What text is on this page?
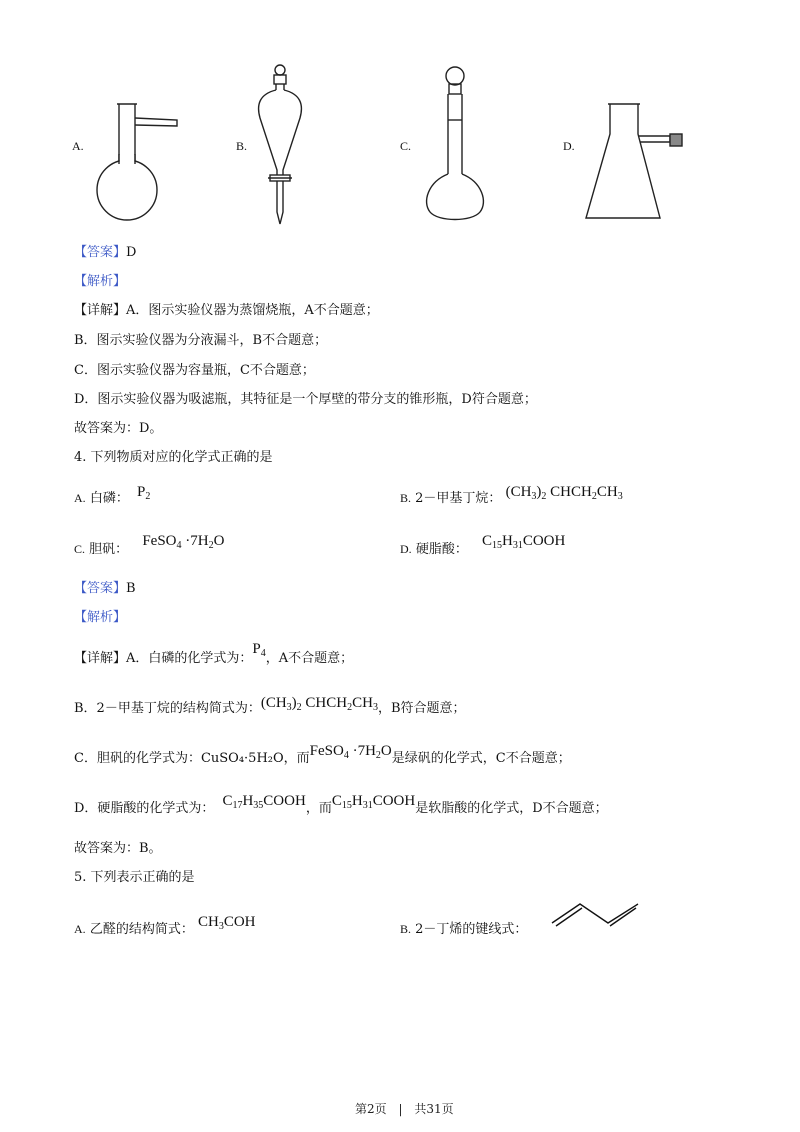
A.	B.	C.	D.
【答案】D
【解析】
【详解】A．图示实验仪器为蒸馏烧瓶，A不合题意；
B．图示实验仪器为分液漏斗，B不合题意；
C．图示实验仪器为容量瓶，C不合题意；
D．图示实验仪器为吸滤瓶，其特征是一个厚壁的带分支的锥形瓶，D符合题意；
故答案为：D。
4. 下列物质对应的化学式正确的是
A. 白磷： $P_2$	B. 2－甲基丁烷： $(CH_3)_2$ $CHCH_2CH_3$
C. 胆矾： FeSO$_4$ $\cdot 7H_2O$	D. 硬脂酸： $C_{15}H_{31}COOH$
【答案】B
【解析】
【详解】A．白磷的化学式为：$P_4$，A不合题意；
B．2－甲基丁烷的结构简式为：$(CH_3)_2$ $CHCH_2CH_3$，B符合题意；
C．胆矾的化学式为：CuSO₄·5H₂O，而FeSO$_4$ $\cdot 7H_2O$是绿矾的化学式，C不合题意；
D．硬脂酸的化学式为： $C_{17}H_{35}COOH$，而$C_{15}H_{31}COOH$是软脂酸的化学式，D不合题意；
故答案为：B。
5. 下列表示正确的是
A. 乙醛的结构简式： $CH_3COH$	B. 2－丁烯的键线式：
第2页 | 共31页
